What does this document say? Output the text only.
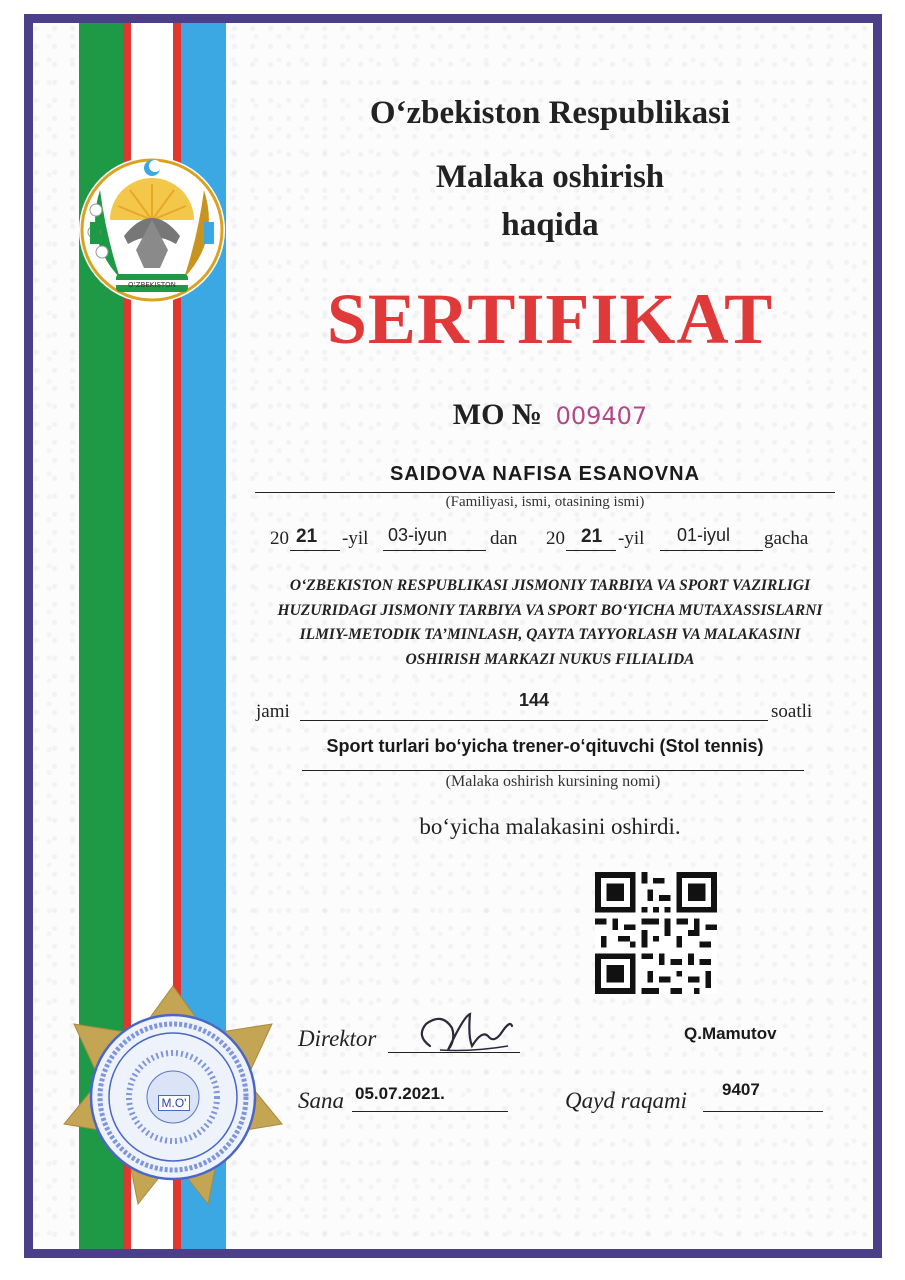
O‘ZBEKISTON
O‘zbekiston Respublikasi
Malaka oshirish
haqida
SERTIFIKAT
MO № 009407
SAIDOVA NAFISA ESANOVNA
(Familiyasi, ismi, otasining ismi)
20 21 -yil 03-iyun dan 20 21 -yil 01-iyul gacha
O‘ZBEKISTON RESPUBLIKASI JISMONIY TARBIYA VA SPORT VAZIRLIGI
HUZURIDAGI JISMONIY TARBIYA VA SPORT BO‘YICHA MUTAXASSISLARNI
ILMIY-METODIK TA’MINLASH, QAYTA TAYYORLASH VA MALAKASINI
OSHIRISH MARKAZI NUKUS FILIALIDA
jami
144
soatli
Sport turlari bo‘yicha trener-o‘qituvchi (Stol tennis)
(Malaka oshirish kursining nomi)
bo‘yicha malakasini oshirdi.
Direktor	Q.Mamutov
Sana 05.07.2021.	Qayd raqami 9407
M.O'
